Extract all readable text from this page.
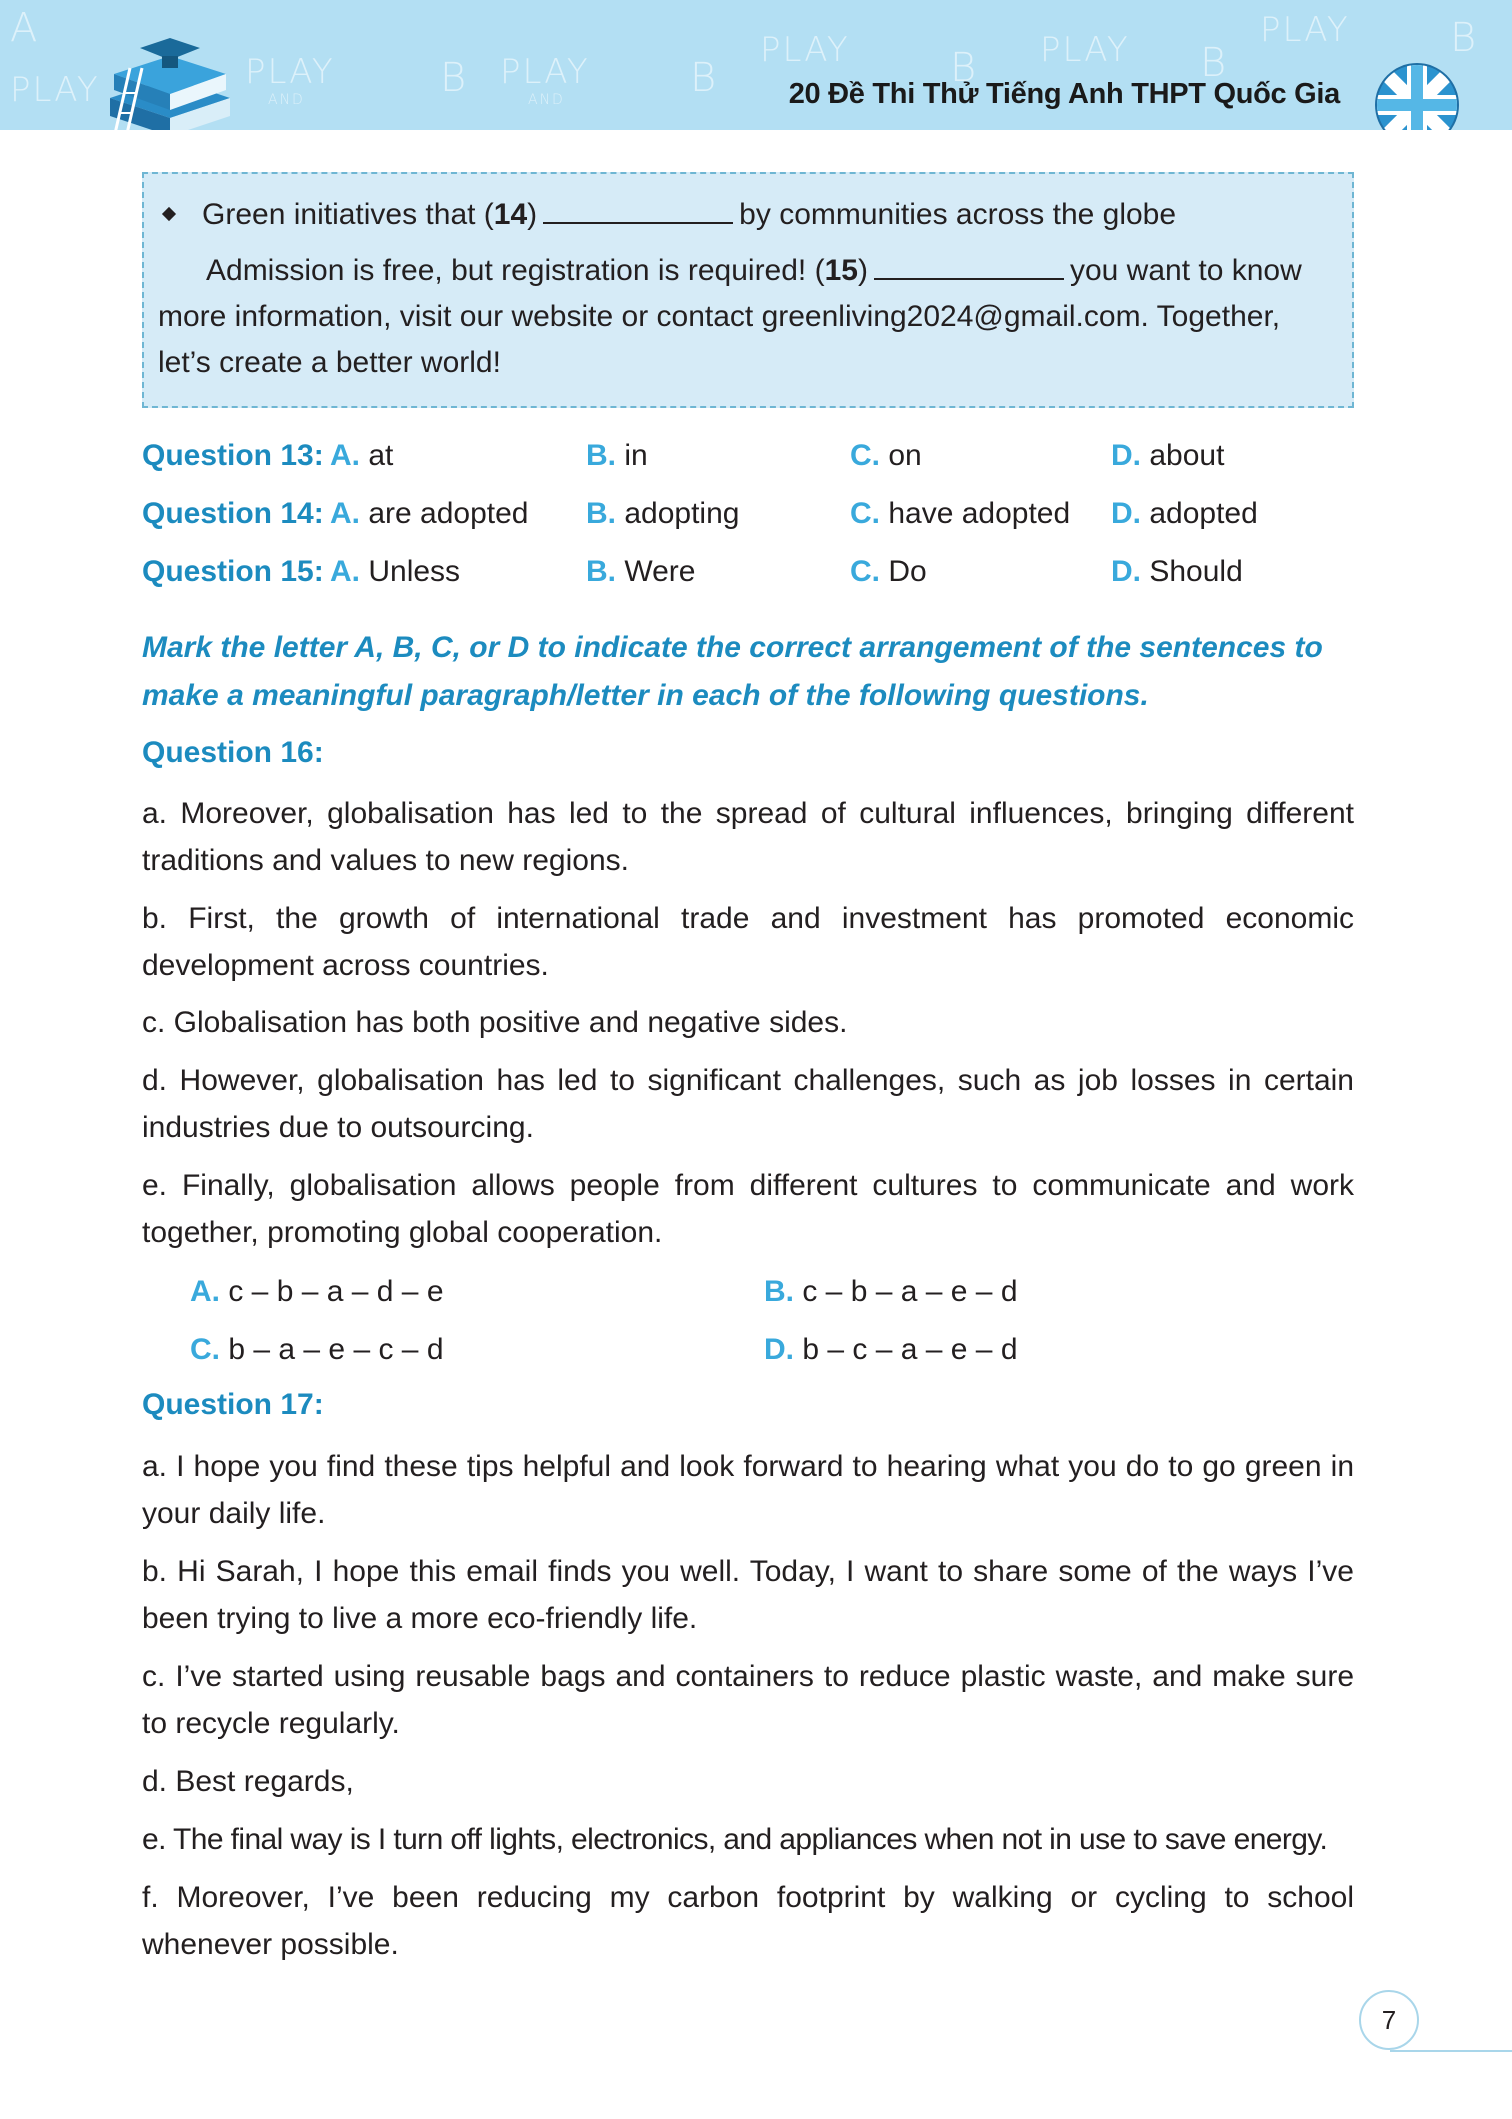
PLAY	PLAY
AND
PLAY
AND
B	B
A	PLAY	PLAY
B	B
PLAY	B
20 Đề Thi Thử Tiếng Anh THPT Quốc Gia

Green initiatives that (14)	by communities across the globe

Admission is free, but registration is required! (15)	you want to know

more information, visit our website or contact greenliving2024@gmail.com. Together,

let’s create a better world!

Question 13: A. at	B. in	C. on	D. about
Question 14: A. are adopted B. adopting	C. have adopted D. adopted
Question 15: A. Unless	B. Were	C. Do	D. Should
Mark the letter A, B, C, or D to indicate the correct arrangement of the sentences to make a meaningful paragraph/letter in each of the following questions.
Question 16:
a. Moreover, globalisation has led to the spread of cultural influences, bringing different traditions and values to new regions.
b. First, the growth of international trade and investment has promoted economic development across countries.
c. Globalisation has both positive and negative sides.
d. However, globalisation has led to significant challenges, such as job losses in certain industries due to outsourcing.
e. Finally, globalisation allows people from different cultures to communicate and work together, promoting global cooperation.
A. c – b – a – d – e	B. c – b – a – e – d
C. b – a – e – c – d	D. b – c – a – e – d
Question 17:
a. I hope you find these tips helpful and look forward to hearing what you do to go green in your daily life.
b. Hi Sarah, I hope this email finds you well. Today, I want to share some of the ways I’ve been trying to live a more eco-friendly life.
c. I’ve started using reusable bags and containers to reduce plastic waste, and make sure to recycle regularly.
d. Best regards,
e. The final way is I turn off lights, electronics, and appliances when not in use to save energy.
f. Moreover, I’ve been reducing my carbon footprint by walking or cycling to school whenever possible.
7
